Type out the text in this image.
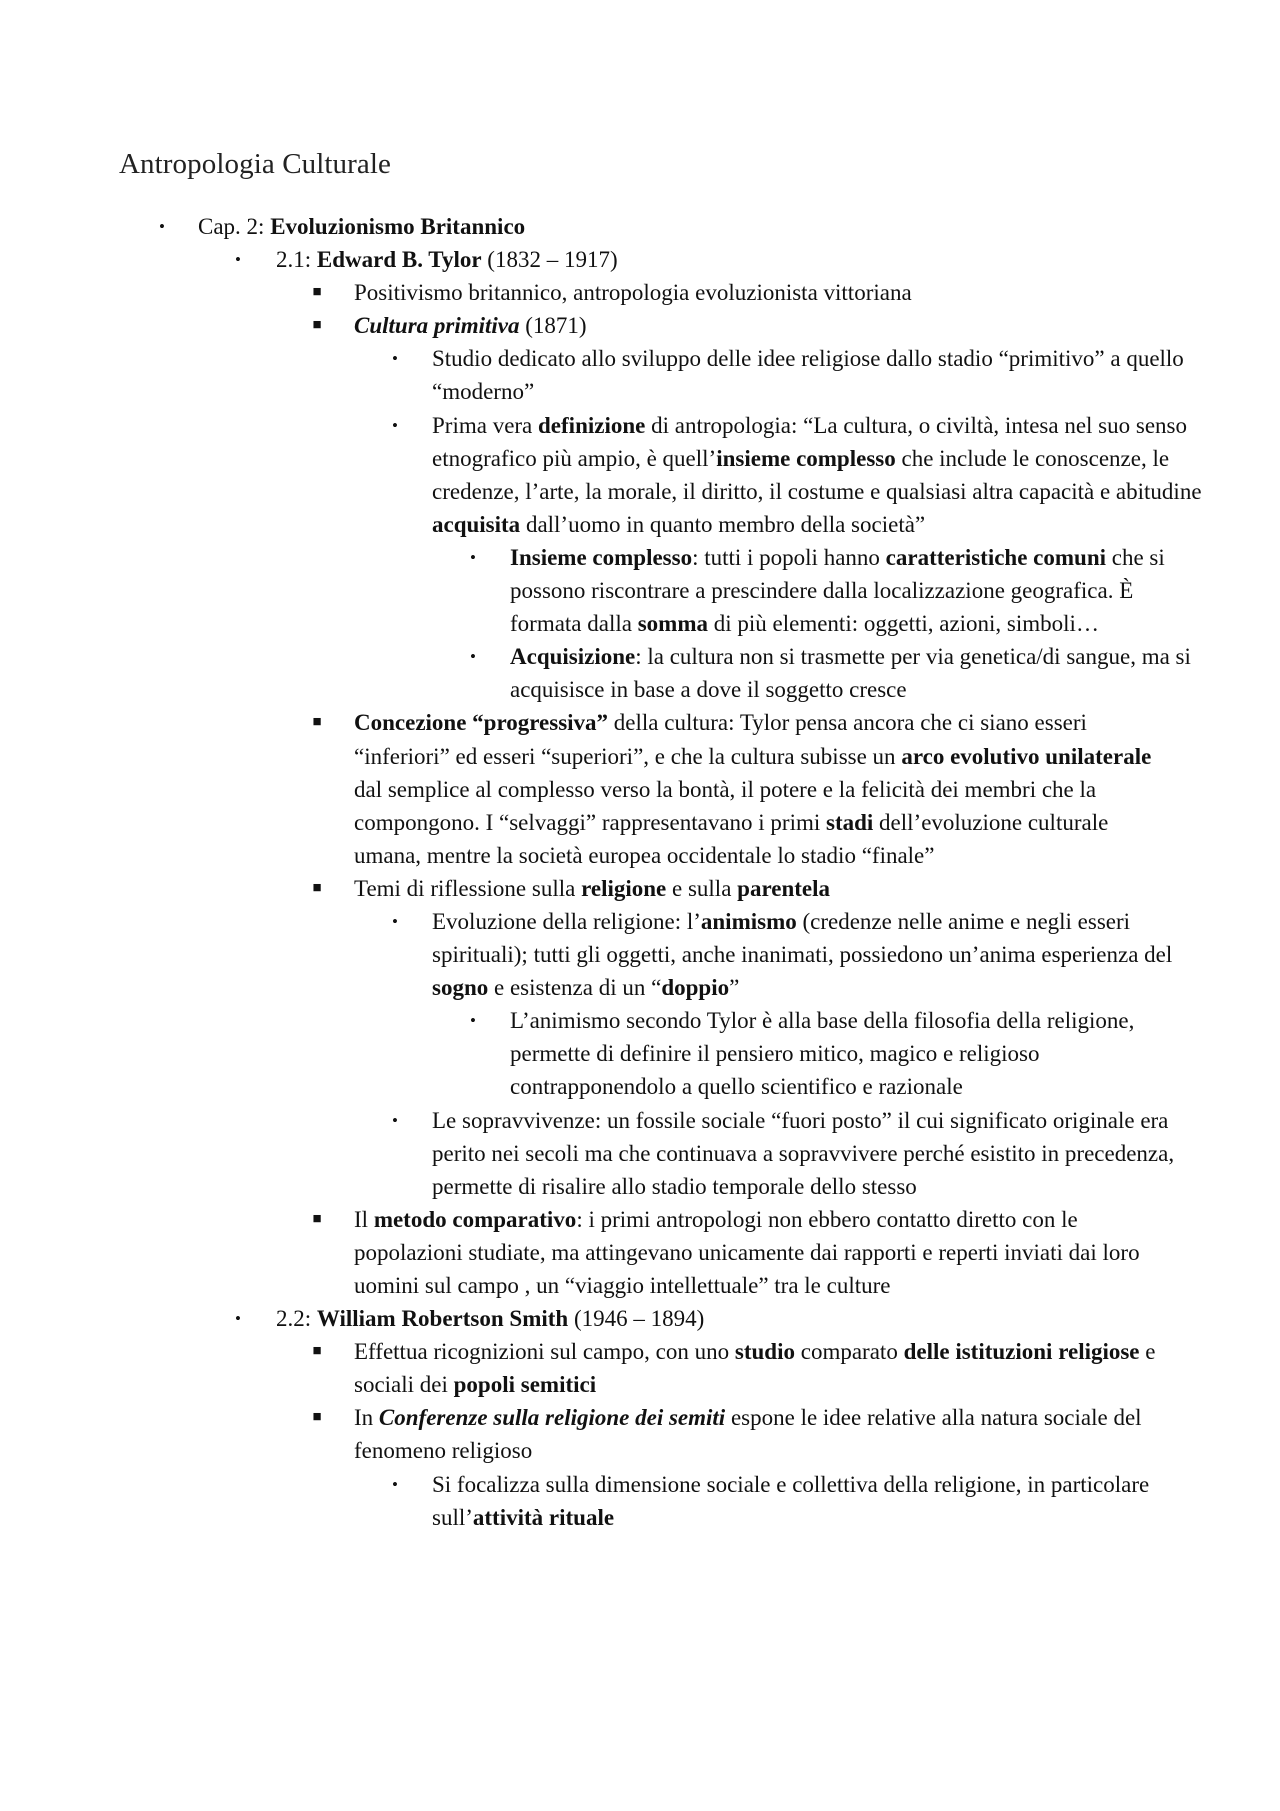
Antropologia Culturale
•	Cap. 2: Evoluzionismo Britannico
•	2.1: Edward B. Tylor (1832 – 1917)
■ Positivismo britannico, antropologia evoluzionista vittoriana
■ Cultura primitiva (1871)
•	Studio dedicato allo sviluppo delle idee religiose dallo stadio “primitivo” a quello “moderno”
•	Prima vera definizione di antropologia: “La cultura, o civiltà, intesa nel suo senso etnografico più ampio, è quell’insieme complesso che include le conoscenze, le credenze, l’arte, la morale, il diritto, il costume e qualsiasi altra capacità e abitudine acquisita dall’uomo in quanto membro della società”
•	Insieme complesso: tutti i popoli hanno caratteristiche comuni che si possono riscontrare a prescindere dalla localizzazione geografica. È formata dalla somma di più elementi: oggetti, azioni, simboli…
•	Acquisizione: la cultura non si trasmette per via genetica/di sangue, ma si acquisisce in base a dove il soggetto cresce
■ Concezione “progressiva” della cultura: Tylor pensa ancora che ci siano esseri “inferiori” ed esseri “superiori”, e che la cultura subisse un arco evolutivo unilaterale dal semplice al complesso verso la bontà, il potere e la felicità dei membri che la compongono. I “selvaggi” rappresentavano i primi stadi dell’evoluzione culturale umana, mentre la società europea occidentale lo stadio “finale”
■ Temi di riflessione sulla religione e sulla parentela
•	Evoluzione della religione: l’animismo (credenze nelle anime e negli esseri spirituali); tutti gli oggetti, anche inanimati, possiedono un’anima esperienza del sogno e esistenza di un “doppio”
•	L’animismo secondo Tylor è alla base della filosofia della religione, permette di definire il pensiero mitico, magico e religioso contrapponendolo a quello scientifico e razionale
•	Le sopravvivenze: un fossile sociale “fuori posto” il cui significato originale era perito nei secoli ma che continuava a sopravvivere perché esistito in precedenza, permette di risalire allo stadio temporale dello stesso
■ Il metodo comparativo: i primi antropologi non ebbero contatto diretto con le popolazioni studiate, ma attingevano unicamente dai rapporti e reperti inviati dai loro uomini sul campo , un “viaggio intellettuale” tra le culture
•	2.2: William Robertson Smith (1946 – 1894)
■ Effettua ricognizioni sul campo, con uno studio comparato delle istituzioni religiose e sociali dei popoli semitici
■ In Conferenze sulla religione dei semiti espone le idee relative alla natura sociale del fenomeno religioso
•	Si focalizza sulla dimensione sociale e collettiva della religione, in particolare sull’attività rituale
